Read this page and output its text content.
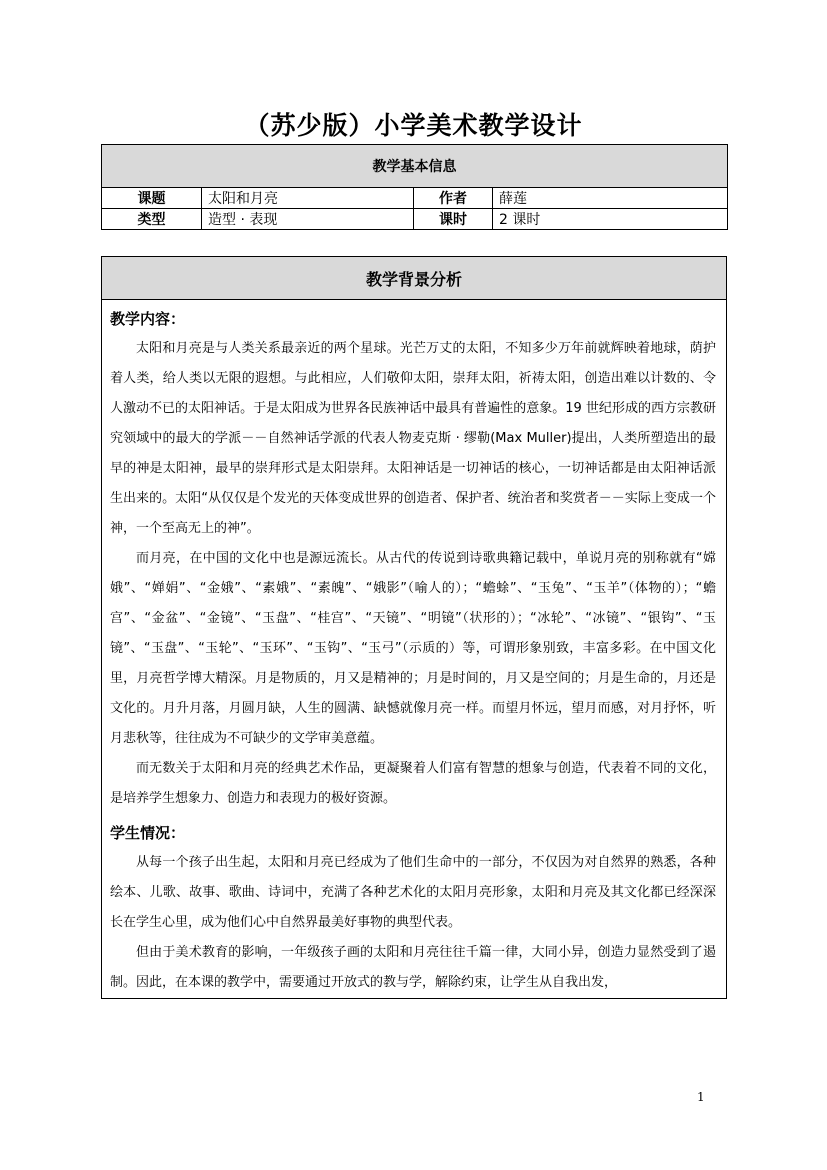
（苏少版）小学美术教学设计
教学基本信息			
课题	太阳和月亮	作者	薛莲
类型	造型 · 表现	课时	2 课时
教学背景分析

教学内容：

太阳和月亮是与人类关系最亲近的两个星球。光芒万丈的太阳，不知多少万年前就辉映着地球，荫护着人类，给人类以无限的遐想。与此相应，人们敬仰太阳，崇拜太阳，祈祷太阳，创造出难以计数的、令人激动不已的太阳神话。于是太阳成为世界各民族神话中最具有普遍性的意象。19 世纪形成的西方宗教研究领域中的最大的学派－－自然神话学派的代表人物麦克斯 · 缪勒(Max Muller)提出，人类所塑造出的最早的神是太阳神，最早的崇拜形式是太阳崇拜。太阳神话是一切神话的核心，一切神话都是由太阳神话派生出来的。太阳“从仅仅是个发光的天体变成世界的创造者、保护者、统治者和奖赏者－－实际上变成一个神，一个至高无上的神”。

而月亮，在中国的文化中也是源远流长。从古代的传说到诗歌典籍记载中，单说月亮的别称就有“嫦娥”、“婵娟”、“金娥”、“素娥”、“素魄”、“娥影”（喻人的）；“蟾蜍”、“玉兔”、“玉羊”（体物的）；“蟾宫”、“金盆”、“金镜”、“玉盘”、“桂宫”、“天镜”、“明镜”（状形的）；“冰轮”、“冰镜”、“银钩”、“玉镜”、“玉盘”、“玉轮”、“玉环”、“玉钩”、“玉弓”（示质的）等，可谓形象别致，丰富多彩。在中国文化里，月亮哲学博大精深。月是物质的，月又是精神的；月是时间的，月又是空间的；月是生命的，月还是文化的。月升月落，月圆月缺，人生的圆满、缺憾就像月亮一样。而望月怀远，望月而感，对月抒怀，听月悲秋等，往往成为不可缺少的文学审美意蕴。

而无数关于太阳和月亮的经典艺术作品，更凝聚着人们富有智慧的想象与创造，代表着不同的文化，是培养学生想象力、创造力和表现力的极好资源。

学生情况：

从每一个孩子出生起，太阳和月亮已经成为了他们生命中的一部分，不仅因为对自然界的熟悉，各种绘本、儿歌、故事、歌曲、诗词中，充满了各种艺术化的太阳月亮形象，太阳和月亮及其文化都已经深深长在学生心里，成为他们心中自然界最美好事物的典型代表。

但由于美术教育的影响，一年级孩子画的太阳和月亮往往千篇一律，大同小异，创造力显然受到了遏制。因此，在本课的教学中，需要通过开放式的教与学，解除约束，让学生从自我出发，

1
